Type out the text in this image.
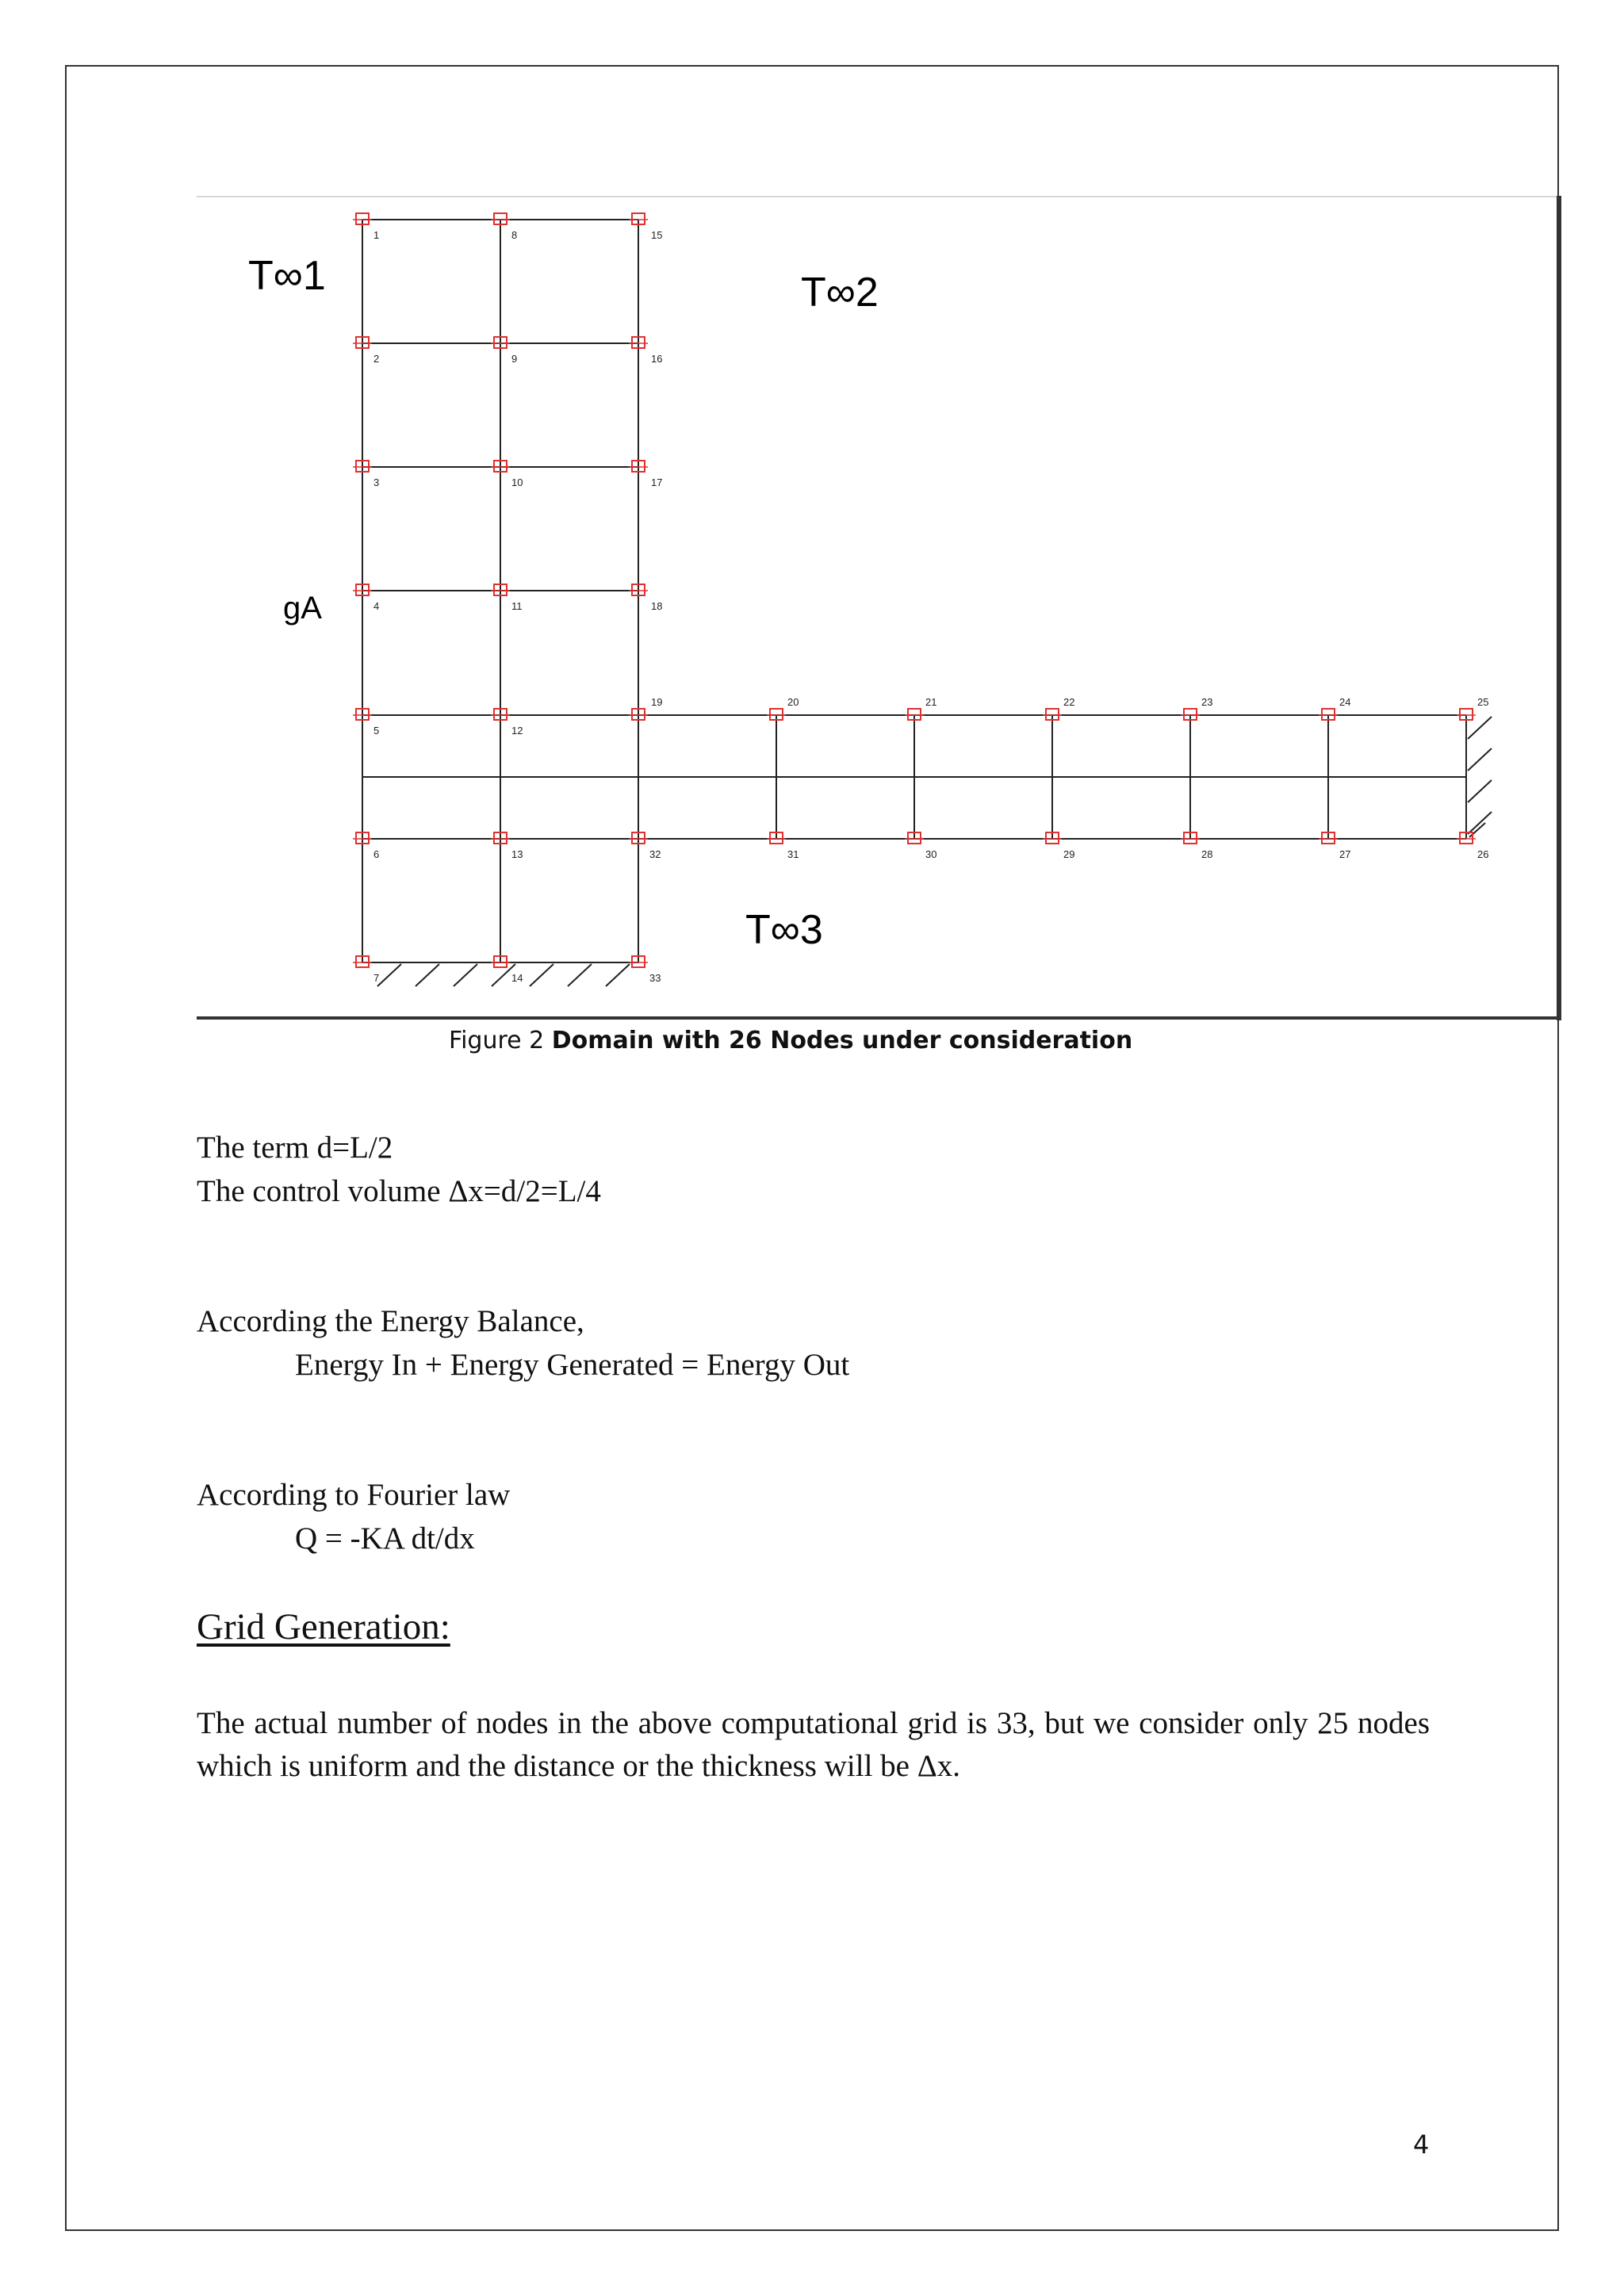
1
2
3
4
5
6
7
8
9
10
11
12
13
14
15
16
17
18
19
32
33
20	21	22	23	24	25
31	30	29	28	27	26
T∞1	T∞2
T∞3
gA
Figure 2 Domain with 26 Nodes under consideration
The term d=L/2
The control volume Δx=d/2=L/4
According the Energy Balance,
Energy In + Energy Generated = Energy Out
According to Fourier law
Q = -KA dt/dx
Grid Generation:
The actual number of nodes in the above computational grid is 33, but we consider only 25 nodes which is uniform and the distance or the thickness will be Δx.
4
